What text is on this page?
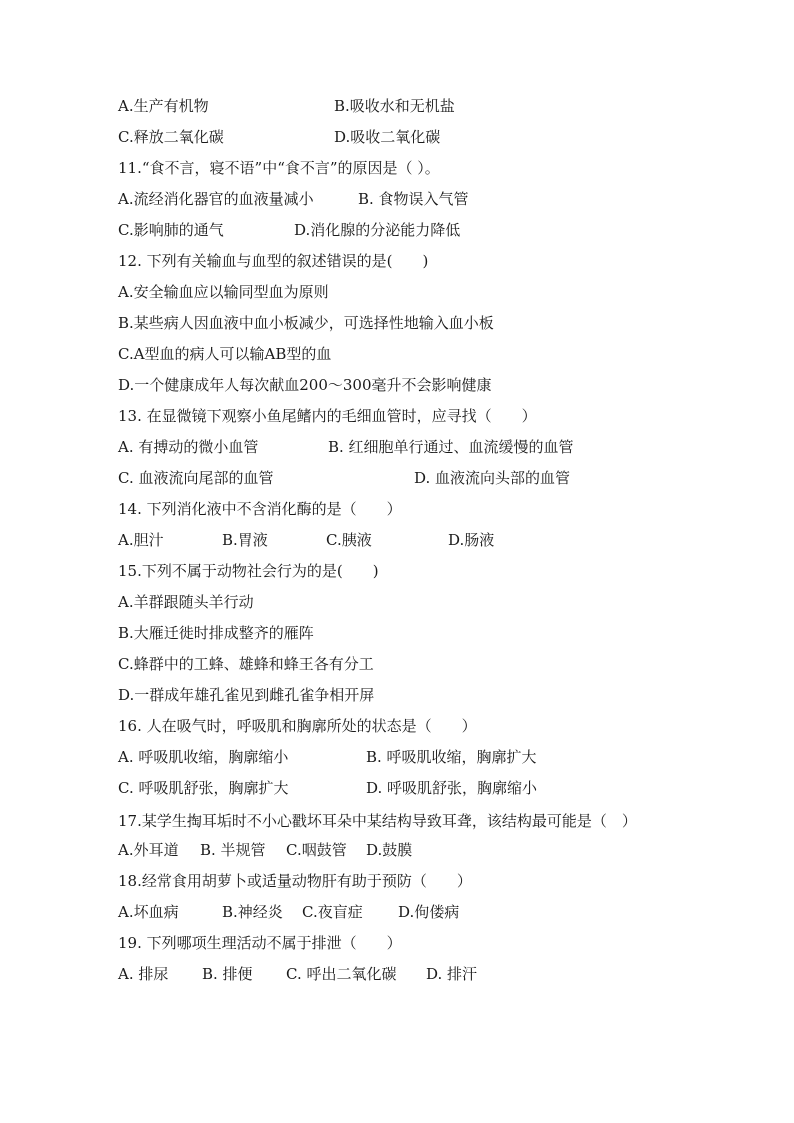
A.生产有机物	B.吸收水和无机盐
C.释放二氧化碳	D.吸收二氧化碳
11.“食不言，寝不语”中“食不言”的原因是（ ）。
A.流经消化器官的血液量减小	B. 食物误入气管
C.影响肺的通气	D.消化腺的分泌能力降低
12. 下列有关输血与血型的叙述错误的是(　　)
A.安全输血应以输同型血为原则
B.某些病人因血液中血小板减少，可选择性地输入血小板
C.A型血的病人可以输AB型的血
D.一个健康成年人每次献血200～300毫升不会影响健康
13. 在显微镜下观察小鱼尾鳍内的毛细血管时，应寻找（　　）
A. 有搏动的微小血管	B. 红细胞单行通过、血流缓慢的血管
C. 血液流向尾部的血管	D. 血液流向头部的血管
14. 下列消化液中不含消化酶的是（　　）
A.胆汁	B.胃液	C.胰液	D.肠液
15.下列不属于动物社会行为的是(　　)
A.羊群跟随头羊行动
B.大雁迁徙时排成整齐的雁阵
C.蜂群中的工蜂、雄蜂和蜂王各有分工
D.一群成年雄孔雀见到雌孔雀争相开屏
16. 人在吸气时，呼吸肌和胸廓所处的状态是（　　）
A. 呼吸肌收缩，胸廓缩小	B. 呼吸肌收缩，胸廓扩大
C. 呼吸肌舒张，胸廓扩大	D. 呼吸肌舒张，胸廓缩小
17.某学生掏耳垢时不小心戳坏耳朵中某结构导致耳聋，该结构最可能是（　）
A.外耳道 B. 半规管 C.咽鼓管 D.鼓膜
18.经常食用胡萝卜或适量动物肝有助于预防（　　）
A.坏血病	B.神经炎 C.夜盲症 D.佝偻病
19. 下列哪项生理活动不属于排泄（　　）
A. 排尿 B. 排便 C. 呼出二氧化碳 D. 排汗
